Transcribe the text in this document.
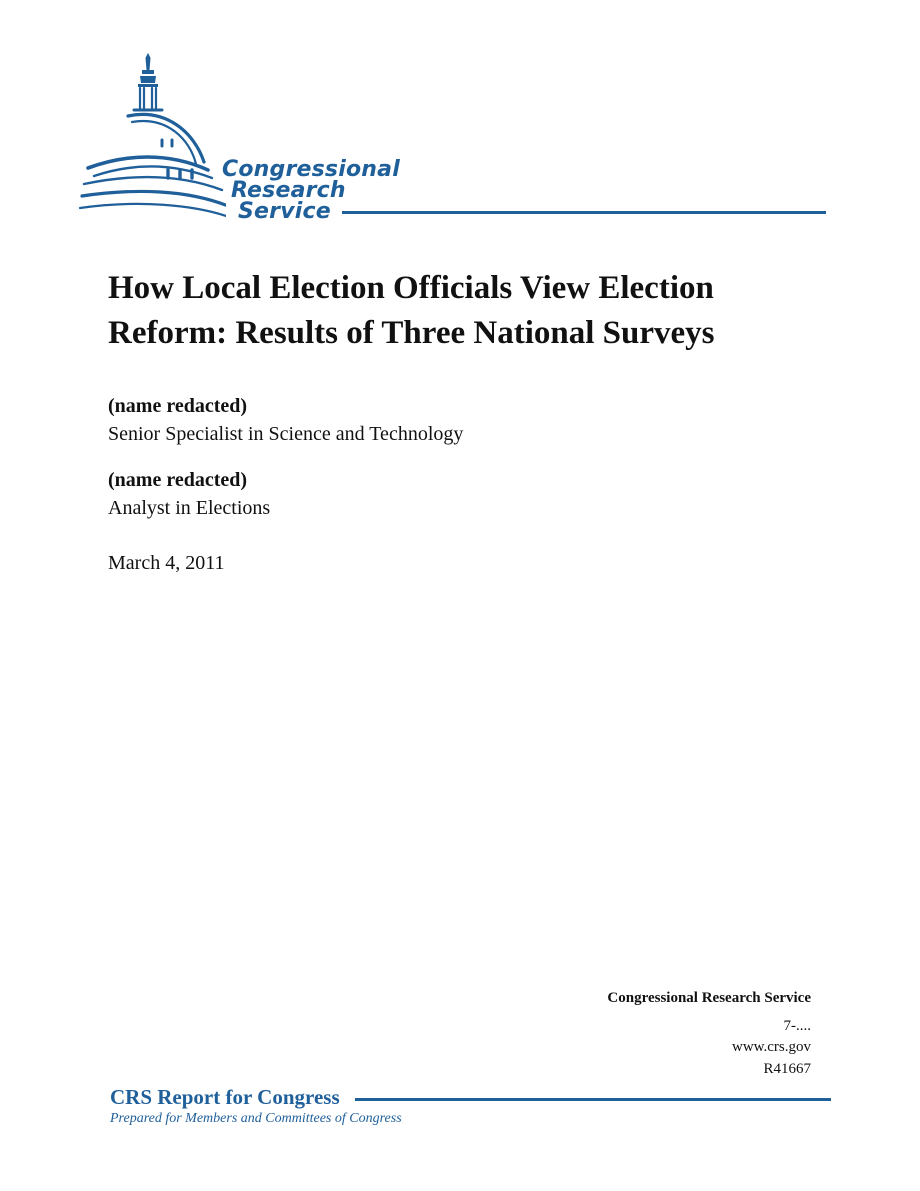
Congressional
Research
Service
How Local Election Officials View Election
Reform: Results of Three National Surveys
(name redacted)
Senior Specialist in Science and Technology
(name redacted)
Analyst in Elections
March 4, 2011
Congressional Research Service
7-....
www.crs.gov
R41667
CRS Report for Congress
Prepared for Members and Committees of Congress
